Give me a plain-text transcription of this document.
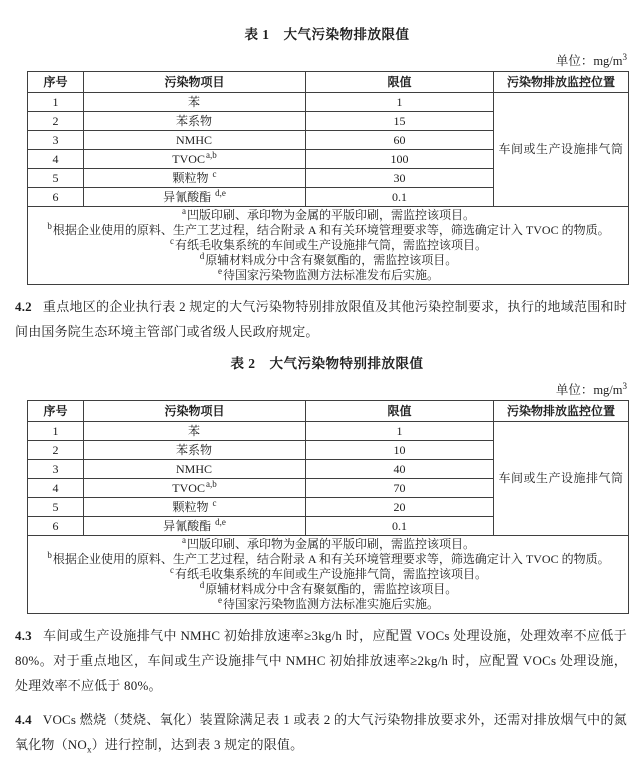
表 1　大气污染物排放限值
单位：$mg/m^3$
序号	污染物项目	限值	污染物排放监控位置
1	苯	1	车间或生产设施排气筒
2	苯系物	15	
3	NMHC	60	
4	TVOC$^{a,b}$	100	
5	颗粒物 $^c$	30	
6	异氰酸酯 $^{d,e}$	0.1	

$^a$凹版印刷、承印物为金属的平版印刷，需监控该项目。
$^b$根据企业使用的原料、生产工艺过程，结合附录 A 和有关环境管理要求等，筛选确定计入 TVOC 的物质。
$^c$有纸毛收集系统的车间或生产设施排气筒，需监控该项目。
$^d$原辅材料成分中含有聚氨酯的，需监控该项目。
$^e$待国家污染物监测方法标准发布后实施。			

4.2 重点地区的企业执行表 2 规定的大气污染物特别排放限值及其他污染控制要求，执行的地域范围和时间由国务院生态环境主管部门或省级人民政府规定。

表 2　大气污染物特别排放限值
单位：$mg/m^3$
序号	污染物项目	限值	污染物排放监控位置
1	苯	1	车间或生产设施排气筒
2	苯系物	10	
3	NMHC	40	
4	TVOC$^{a,b}$	70	
5	颗粒物 $^c$	20	
6	异氰酸酯 $^{d,e}$	0.1	

$^a$凹版印刷、承印物为金属的平版印刷，需监控该项目。
$^b$根据企业使用的原料、生产工艺过程，结合附录 A 和有关环境管理要求等，筛选确定计入 TVOC 的物质。
$^c$有纸毛收集系统的车间或生产设施排气筒，需监控该项目。
$^d$原辅材料成分中含有聚氨酯的，需监控该项目。
$^e$待国家污染物监测方法标准实施后实施。			

4.3 车间或生产设施排气中 NMHC 初始排放速率≥3kg/h 时，应配置 VOCs 处理设施，处理效率不应低于 80%。对于重点地区，车间或生产设施排气中 NMHC 初始排放速率≥2kg/h 时，应配置 VOCs 处理设施，处理效率不应低于 80%。

4.4 VOCs 燃烧（焚烧、氧化）装置除满足表 1 或表 2 的大气污染物排放要求外，还需对排放烟气中的氮氧化物$(NO_x)$进行控制，达到表 3 规定的限值。
